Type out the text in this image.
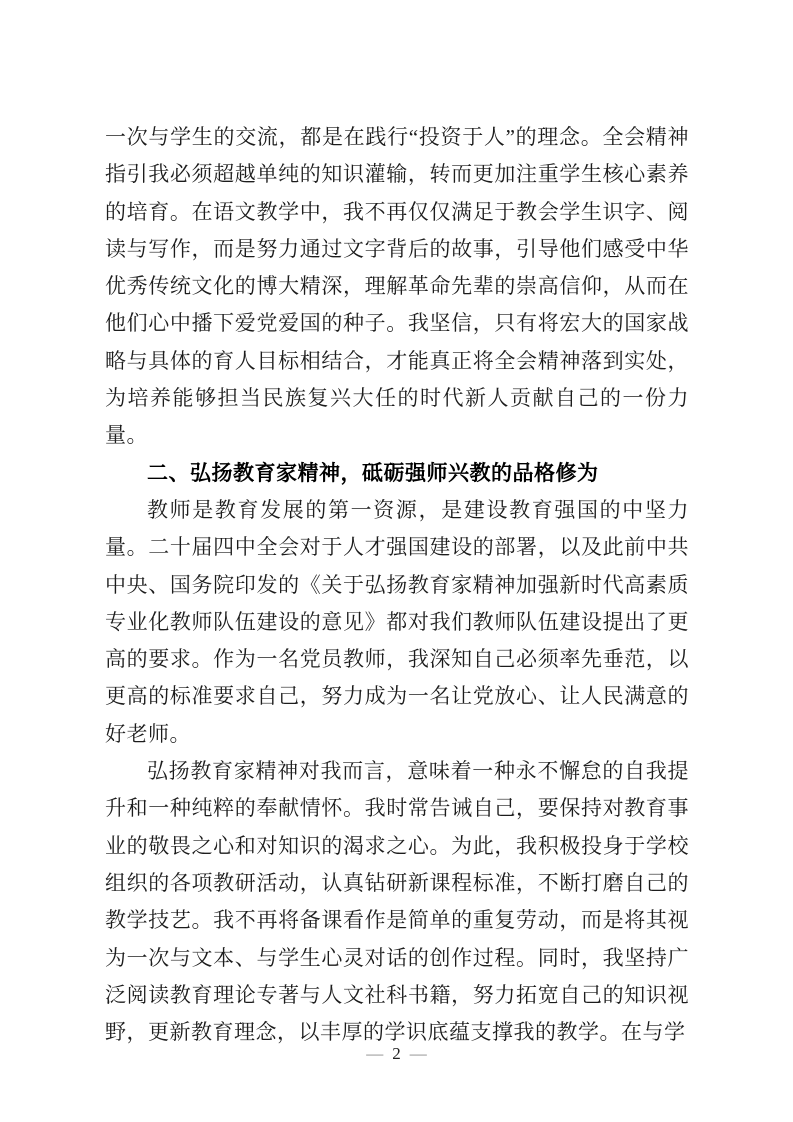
一次与学生的交流，都是在践行“投资于人”的理念。全会精神指引我必须超越单纯的知识灌输，转而更加注重学生核心素养的培育。在语文教学中，我不再仅仅满足于教会学生识字、阅读与写作，而是努力通过文字背后的故事，引导他们感受中华优秀传统文化的博大精深，理解革命先辈的崇高信仰，从而在他们心中播下爱党爱国的种子。我坚信，只有将宏大的国家战略与具体的育人目标相结合，才能真正将全会精神落到实处，为培养能够担当民族复兴大任的时代新人贡献自己的一份力量。

二、弘扬教育家精神，砥砺强师兴教的品格修为

教师是教育发展的第一资源，是建设教育强国的中坚力量。二十届四中全会对于人才强国建设的部署，以及此前中共中央、国务院印发的《关于弘扬教育家精神加强新时代高素质专业化教师队伍建设的意见》都对我们教师队伍建设提出了更高的要求。作为一名党员教师，我深知自己必须率先垂范，以更高的标准要求自己，努力成为一名让党放心、让人民满意的好老师。

弘扬教育家精神对我而言，意味着一种永不懈怠的自我提升和一种纯粹的奉献情怀。我时常告诫自己，要保持对教育事业的敬畏之心和对知识的渴求之心。为此，我积极投身于学校组织的各项教研活动，认真钻研新课程标准，不断打磨自己的教学技艺。我不再将备课看作是简单的重复劳动，而是将其视为一次与文本、与学生心灵对话的创作过程。同时，我坚持广泛阅读教育理论专著与人文社科书籍，努力拓宽自己的知识视野，更新教育理念，以丰厚的学识底蕴支撑我的教学。在与学

— 2 —
